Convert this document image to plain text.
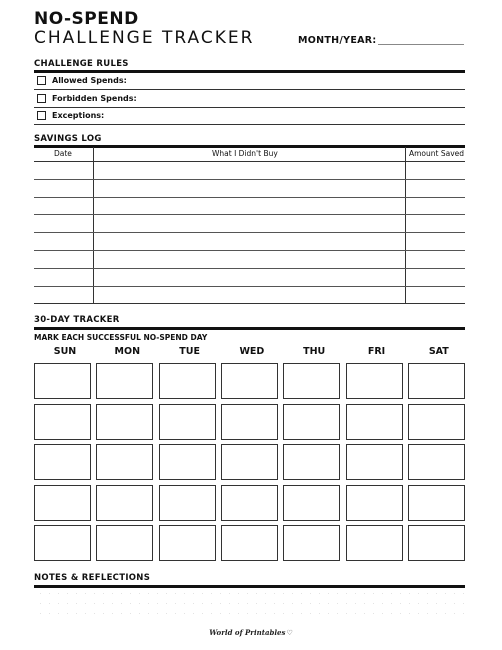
NO-SPEND
CHALLENGE TRACKER	MONTH/YEAR:
CHALLENGE RULES
Allowed Spends:
Forbidden Spends:
Exceptions:
SAVINGS LOG
Date	What I Didn't Buy	Amount Saved
30-DAY TRACKER
MARK EACH SUCCESSFUL NO-SPEND DAY
SUN	MON	TUE	WED	THU	FRI	SAT
NOTES & REFLECTIONS
World of Printables♡
